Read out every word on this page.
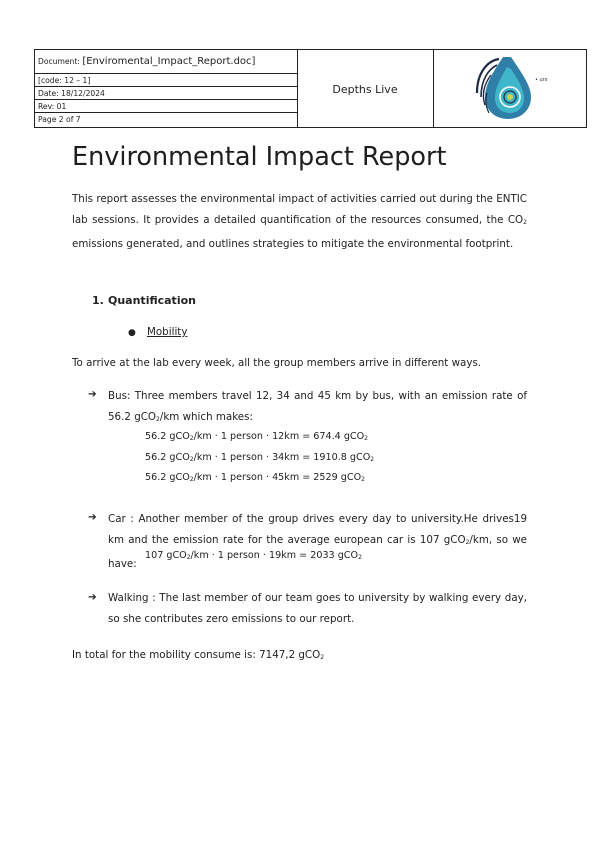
Document: [Enviromental_Impact_Report.doc]
[code: 12 – 1]
Date: 18/12/2024
Rev: 01
Page 2 of 7
Depths Live
• urx
Environmental Impact Report

This report assesses the environmental impact of activities carried out during the ENTIC lab sessions. It provides a detailed quantification of the resources consumed, the $CO_2$ emissions generated, and outlines strategies to mitigate the environmental footprint.

1. Quantification
● Mobility
To arrive at the lab every week, all the group members arrive in different ways.
➔ Bus: Three members travel 12, 34 and 45 km by bus, with an emission rate of 56.2 gCO$_2$/km which makes:

56.2 gCO$_2$/km · 1 person · 12km = 674.4 gCO$_2$
56.2 gCO$_2$/km · 1 person · 34km = 1910.8 gCO$_2$
56.2 gCO$_2$/km · 1 person · 45km = 2529 gCO$_2$
➔ Car : Another member of the group drives every day to university.He drives19 km and the emission rate for the average european car is 107 gCO$_2$/km, so we have:

107 gCO$_2$/km · 1 person · 19km = 2033 gCO$_2$
➔ Walking : The last member of our team goes to university by walking every day, so she contributes zero emissions to our report.

In total for the mobility consume is: 7147,2 gCO$_2$
